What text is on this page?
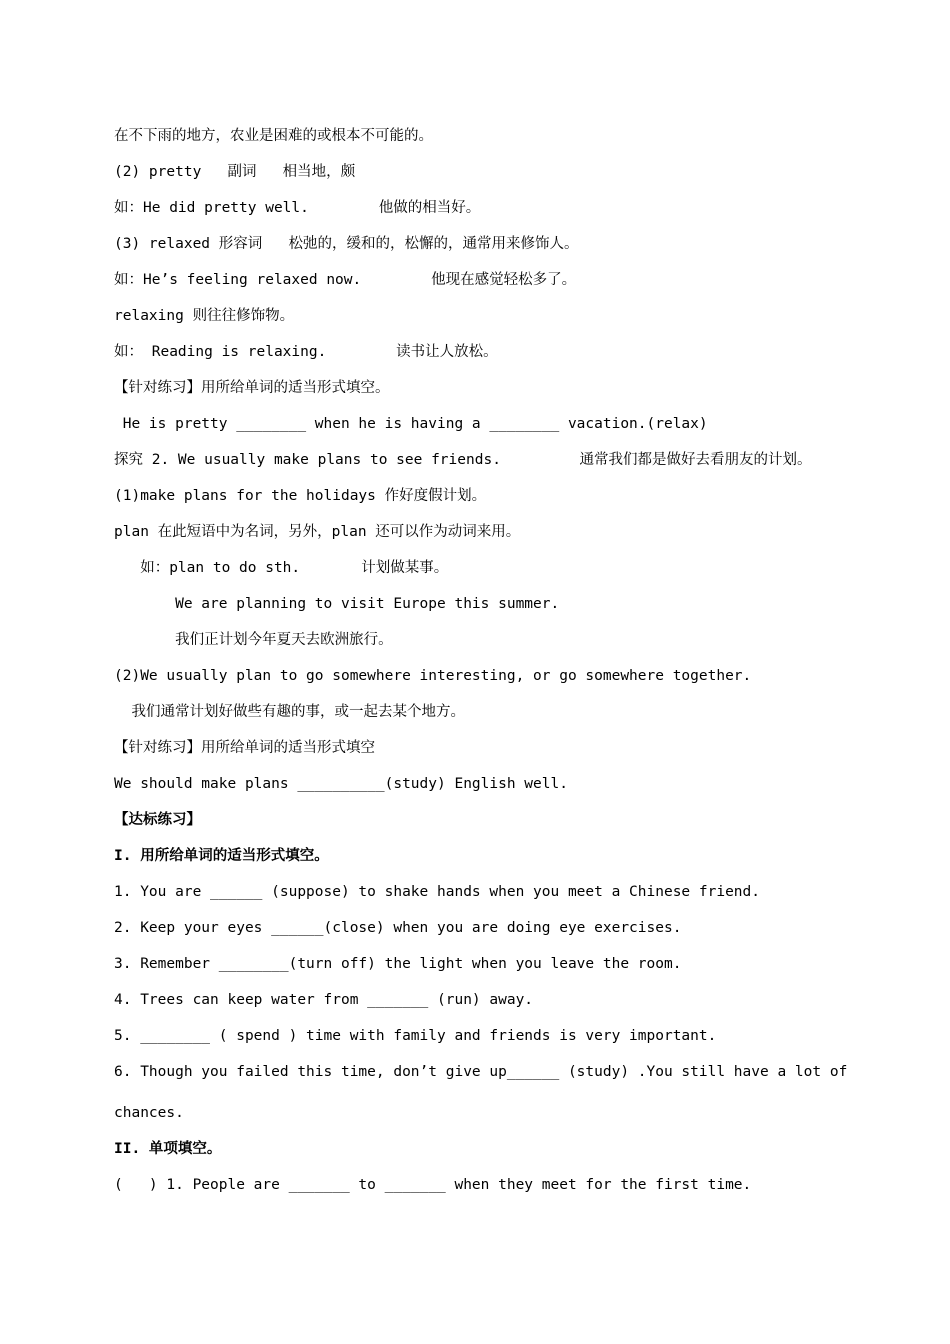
在不下雨的地方，农业是困难的或根本不可能的。
(2) pretty   副词   相当地，颇
如：He did pretty well.        他做的相当好。
(3) relaxed 形容词   松弛的，缓和的，松懈的，通常用来修饰人。
如：He’s feeling relaxed now.        他现在感觉轻松多了。
relaxing 则往往修饰物。
如： Reading is relaxing.        读书让人放松。
【针对练习】用所给单词的适当形式填空。
He is pretty ________ when he is having a ________ vacation.(relax)
探究 2. We usually make plans to see friends.         通常我们都是做好去看朋友的计划。
(1)make plans for the holidays 作好度假计划。
plan 在此短语中为名词，另外，plan 还可以作为动词来用。
如：plan to do sth.       计划做某事。
We are planning to visit Europe this summer.
我们正计划今年夏天去欧洲旅行。
(2)We usually plan to go somewhere interesting, or go somewhere together.
我们通常计划好做些有趣的事，或一起去某个地方。
【针对练习】用所给单词的适当形式填空
We should make plans __________(study) English well.
【达标练习】
I. 用所给单词的适当形式填空。
1. You are ______ (suppose) to shake hands when you meet a Chinese friend.
2. Keep your eyes ______(close) when you are doing eye exercises.
3. Remember ________(turn off) the light when you leave the room.
4. Trees can keep water from _______ (run) away.
5. ________ ( spend ) time with family and friends is very important.
6. Though you failed this time, don’t give up______ (study) .You still have a lot of
chances.
II. 单项填空。
(   ) 1. People are _______ to _______ when they meet for the first time.
